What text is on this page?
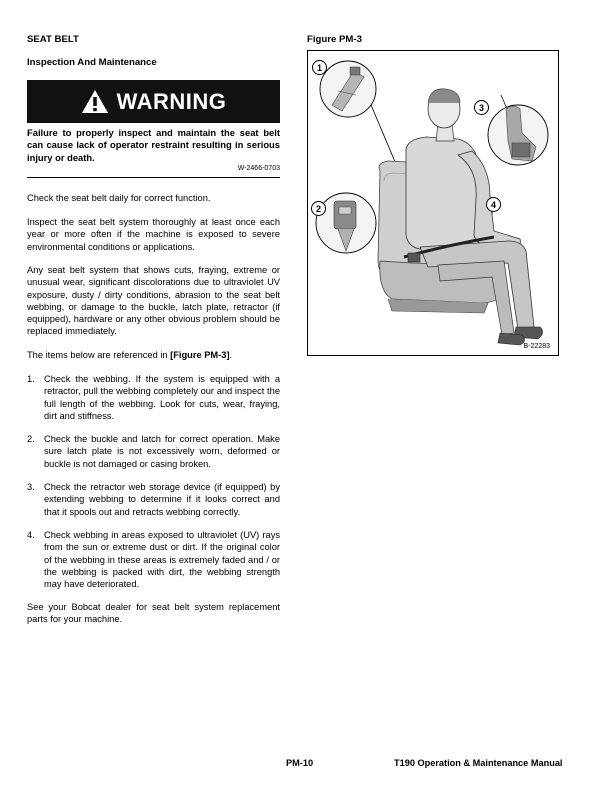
SEAT BELT
Inspection And Maintenance
WARNING
Failure to properly inspect and maintain the seat belt can cause lack of operator restraint resulting in serious injury or death.
W-2466-0703

Check the seat belt daily for correct function.

Inspect the seat belt system thoroughly at least once each year or more often if the machine is exposed to severe environmental conditions or applications.

Any seat belt system that shows cuts, fraying, extreme or unusual wear, significant discolorations due to ultraviolet UV exposure, dusty / dirty conditions, abrasion to the seat belt webbing, or damage to the buckle, latch plate, retractor (if equipped), hardware or any other obvious problem should be replaced immediately.

The items below are referenced in [Figure PM-3].

1. Check the webbing. If the system is equipped with a retractor, pull the webbing completely our and inspect the full length of the webbing. Look for cuts, wear, fraying, dirt and stiffness.
2. Check the buckle and latch for correct operation. Make sure latch plate is not excessively worn, deformed or buckle is not damaged or casing broken.
3. Check the retractor web storage device (if equipped) by extending webbing to determine if it looks correct and that it spools out and retracts webbing correctly.
4. Check webbing in areas exposed to ultraviolet (UV) rays from the sun or extreme dust or dirt. If the original color of the webbing in these areas is extremely faded and / or the webbing is packed with dirt, the webbing strength may have deteriorated.

See your Bobcat dealer for seat belt system replacement parts for your machine.

Figure PM-3
1
3
2	4
B-22283
PM-10	T190 Operation & Maintenance Manual
